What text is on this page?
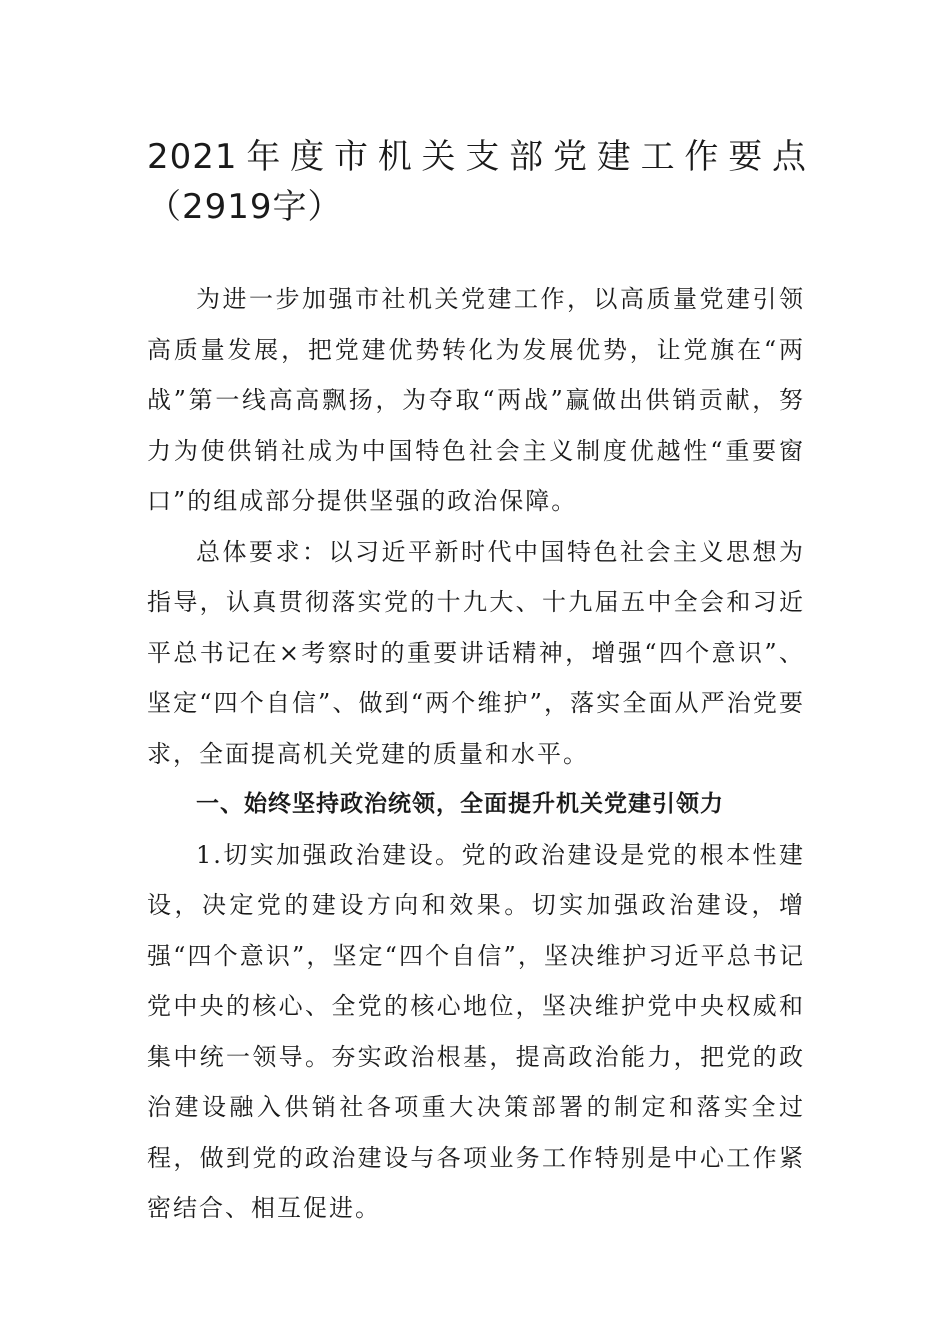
2021年度市机关支部党建工作要点（2919字）

为进一步加强市社机关党建工作，以高质量党建引领高质量发展，把党建优势转化为发展优势，让党旗在“两战”第一线高高飘扬，为夺取“两战”赢做出供销贡献，努力为使供销社成为中国特色社会主义制度优越性“重要窗口”的组成部分提供坚强的政治保障。

总体要求：以习近平新时代中国特色社会主义思想为指导，认真贯彻落实党的十九大、十九届五中全会和习近平总书记在×考察时的重要讲话精神，增强“四个意识”、坚定“四个自信”、做到“两个维护”，落实全面从严治党要求，全面提高机关党建的质量和水平。

一、始终坚持政治统领，全面提升机关党建引领力

1.切实加强政治建设。党的政治建设是党的根本性建设，决定党的建设方向和效果。切实加强政治建设，增强“四个意识”，坚定“四个自信”，坚决维护习近平总书记党中央的核心、全党的核心地位，坚决维护党中央权威和集中统一领导。夯实政治根基，提高政治能力，把党的政治建设融入供销社各项重大决策部署的制定和落实全过程，做到党的政治建设与各项业务工作特别是中心工作紧密结合、相互促进。
